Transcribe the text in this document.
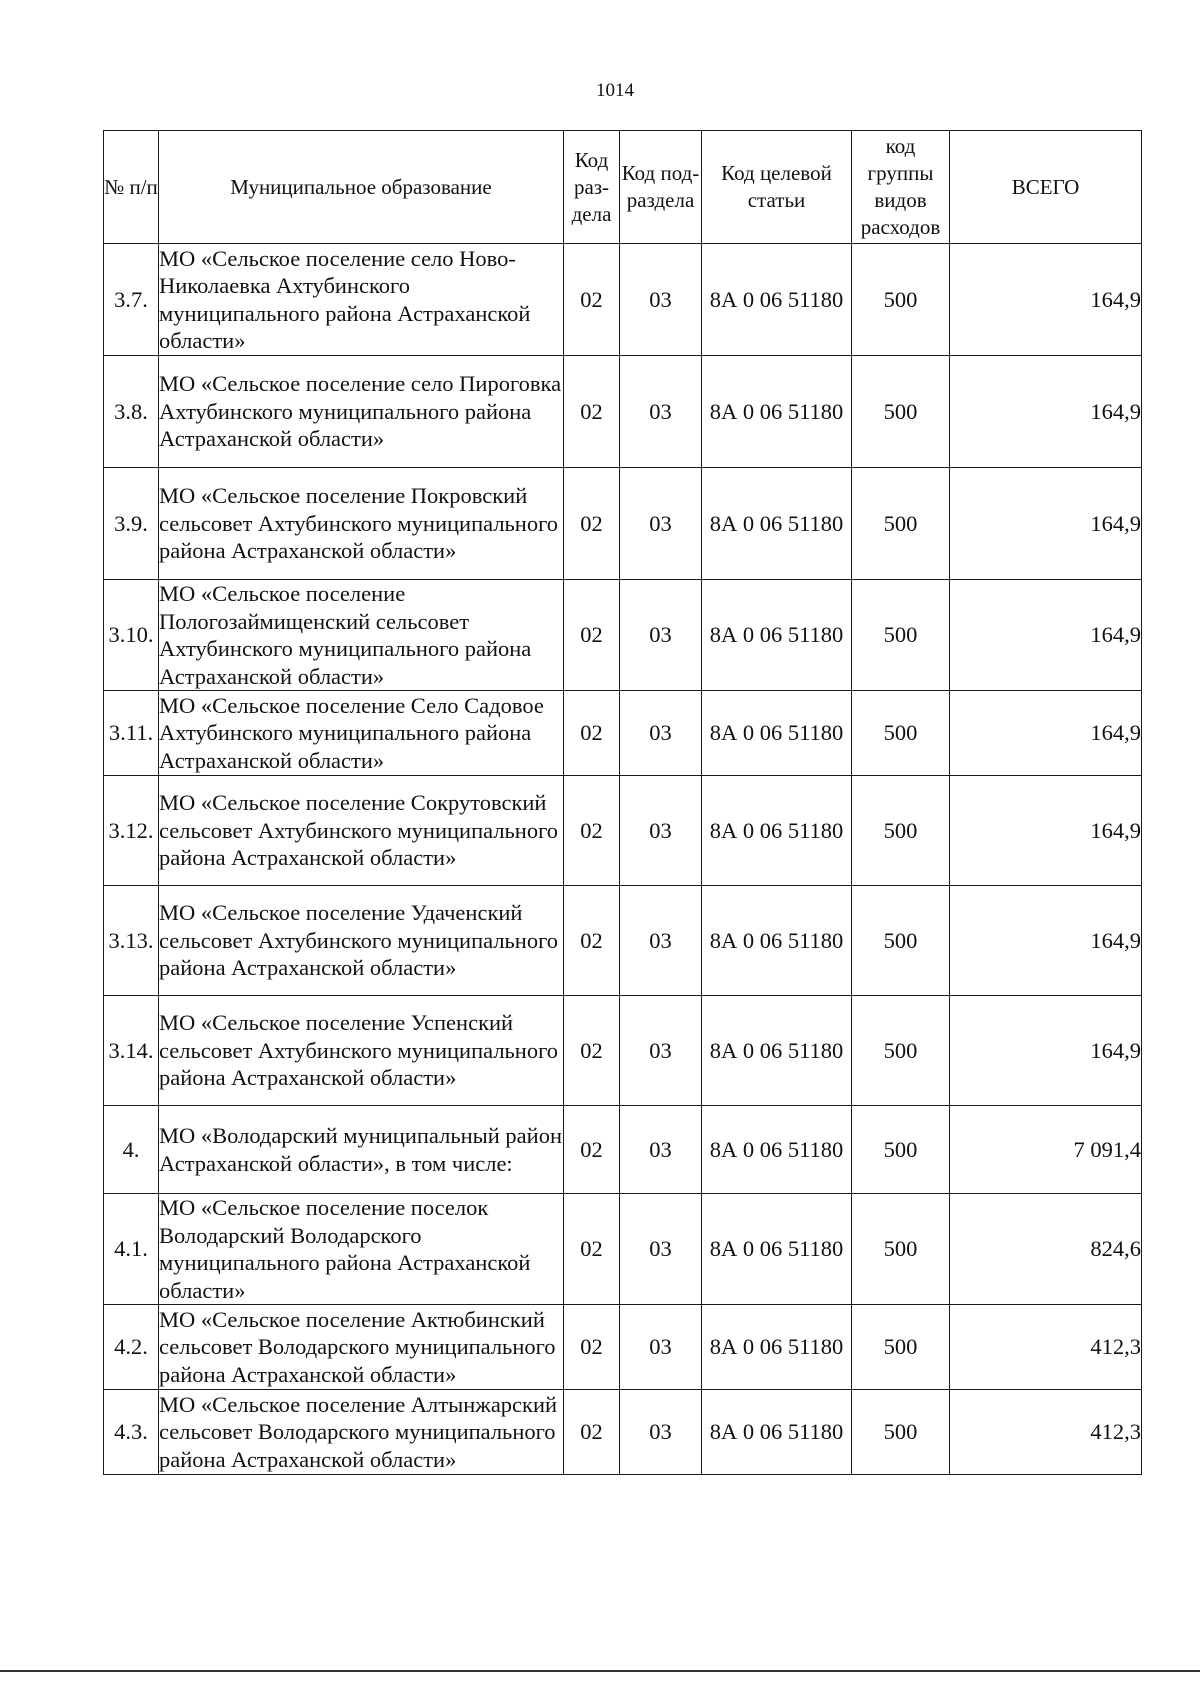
1014
№ п/п	Муниципальное образование	Код раз-дела	Код под-раздела	Код целевой статьи	код группы видов расходов	ВСЕГО
3.7.	МО «Сельское поселение село Ново-Николаевка Ахтубинского муниципального района Астраханской области»	02	03	8А 0 06 51180	500	164,9
3.8.	МО «Сельское поселение село Пироговка Ахтубинского муниципального района Астраханской области»	02	03	8А 0 06 51180	500	164,9
3.9.	МО «Сельское поселение Покровский сельсовет Ахтубинского муниципального района Астраханской области»	02	03	8А 0 06 51180	500	164,9
3.10.	МО «Сельское поселение Пологозаймищенский сельсовет Ахтубинского муниципального района Астраханской области»	02	03	8А 0 06 51180	500	164,9
3.11.	МО «Сельское поселение Село Садовое Ахтубинского муниципального района Астраханской области»	02	03	8А 0 06 51180	500	164,9
3.12.	МО «Сельское поселение Сокрутовский сельсовет Ахтубинского муниципального района Астраханской области»	02	03	8А 0 06 51180	500	164,9
3.13.	МО «Сельское поселение Удаченский сельсовет Ахтубинского муниципального района Астраханской области»	02	03	8А 0 06 51180	500	164,9
3.14.	МО «Сельское поселение Успенский сельсовет Ахтубинского муниципального района Астраханской области»	02	03	8А 0 06 51180	500	164,9
4.	МО «Володарский муниципальный район Астраханской области», в том числе:	02	03	8А 0 06 51180	500	7 091,4
4.1.	МО «Сельское поселение поселок Володарский Володарского муниципального района Астраханской области»	02	03	8А 0 06 51180	500	824,6
4.2.	МО «Сельское поселение Актюбинский сельсовет Володарского муниципального района Астраханской области»	02	03	8А 0 06 51180	500	412,3
4.3.	МО «Сельское поселение Алтынжарский сельсовет Володарского муниципального района Астраханской области»	02	03	8А 0 06 51180	500	412,3
